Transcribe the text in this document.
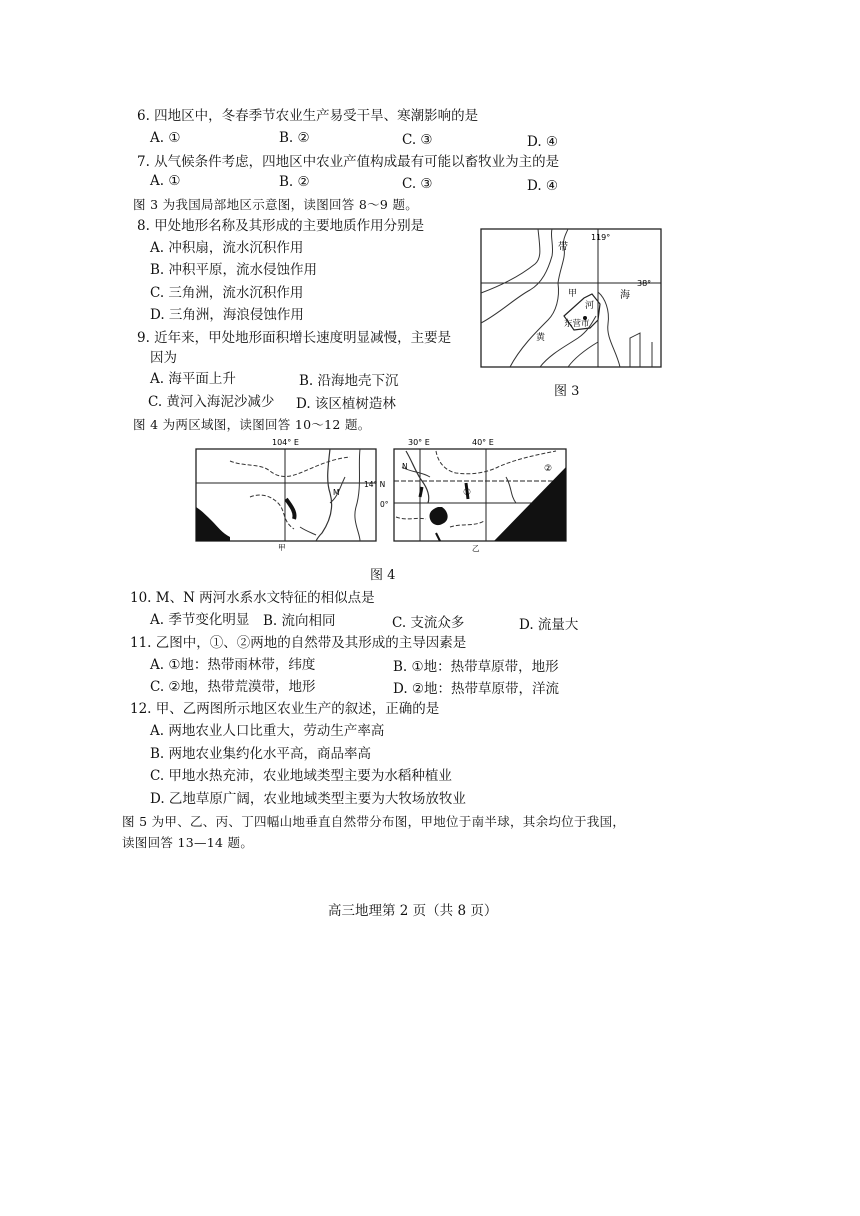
6. 四地区中，冬春季节农业生产易受干旱、寒潮影响的是
A. ①	B. ②	C. ③	D. ④
7. 从气候条件考虑，四地区中农业产值构成最有可能以畜牧业为主的是
A. ①	B. ②	C. ③	D. ④
图 3 为我国局部地区示意图，读图回答 8～9 题。
8. 甲处地形名称及其形成的主要地质作用分别是
A. 冲积扇，流水沉积作用
B. 冲积平原，流水侵蚀作用
C. 三角洲，流水沉积作用
D. 三角洲，海浪侵蚀作用
9. 近年来，甲处地形面积增长速度明显减慢，主要是
因为
A. 海平面上升	B. 沿海地壳下沉
C. 黄河入海泥沙减少 D. 该区植树造林
带
119°
38°
海
甲
河
东营市
黄
图 3
图 4 为两区域图，读图回答 10～12 题。
104° E
M
甲
30° E	40° E
14° N
0°
N
①
②
乙
图 4
10. M、N 两河水系水文特征的相似点是
A. 季节变化明显 B. 流向相同	C. 支流众多	D. 流量大
11. 乙图中，①、②两地的自然带及其形成的主导因素是
A. ①地：热带雨林带，纬度	B. ①地：热带草原带，地形
C. ②地，热带荒漠带，地形	D. ②地：热带草原带，洋流
12. 甲、乙两图所示地区农业生产的叙述，正确的是
A. 两地农业人口比重大，劳动生产率高
B. 两地农业集约化水平高，商品率高
C. 甲地水热充沛，农业地域类型主要为水稻种植业
D. 乙地草原广阔，农业地域类型主要为大牧场放牧业
图 5 为甲、乙、丙、丁四幅山地垂直自然带分布图，甲地位于南半球，其余均位于我国，
读图回答 13—14 题。
高三地理第 2 页（共 8 页）
